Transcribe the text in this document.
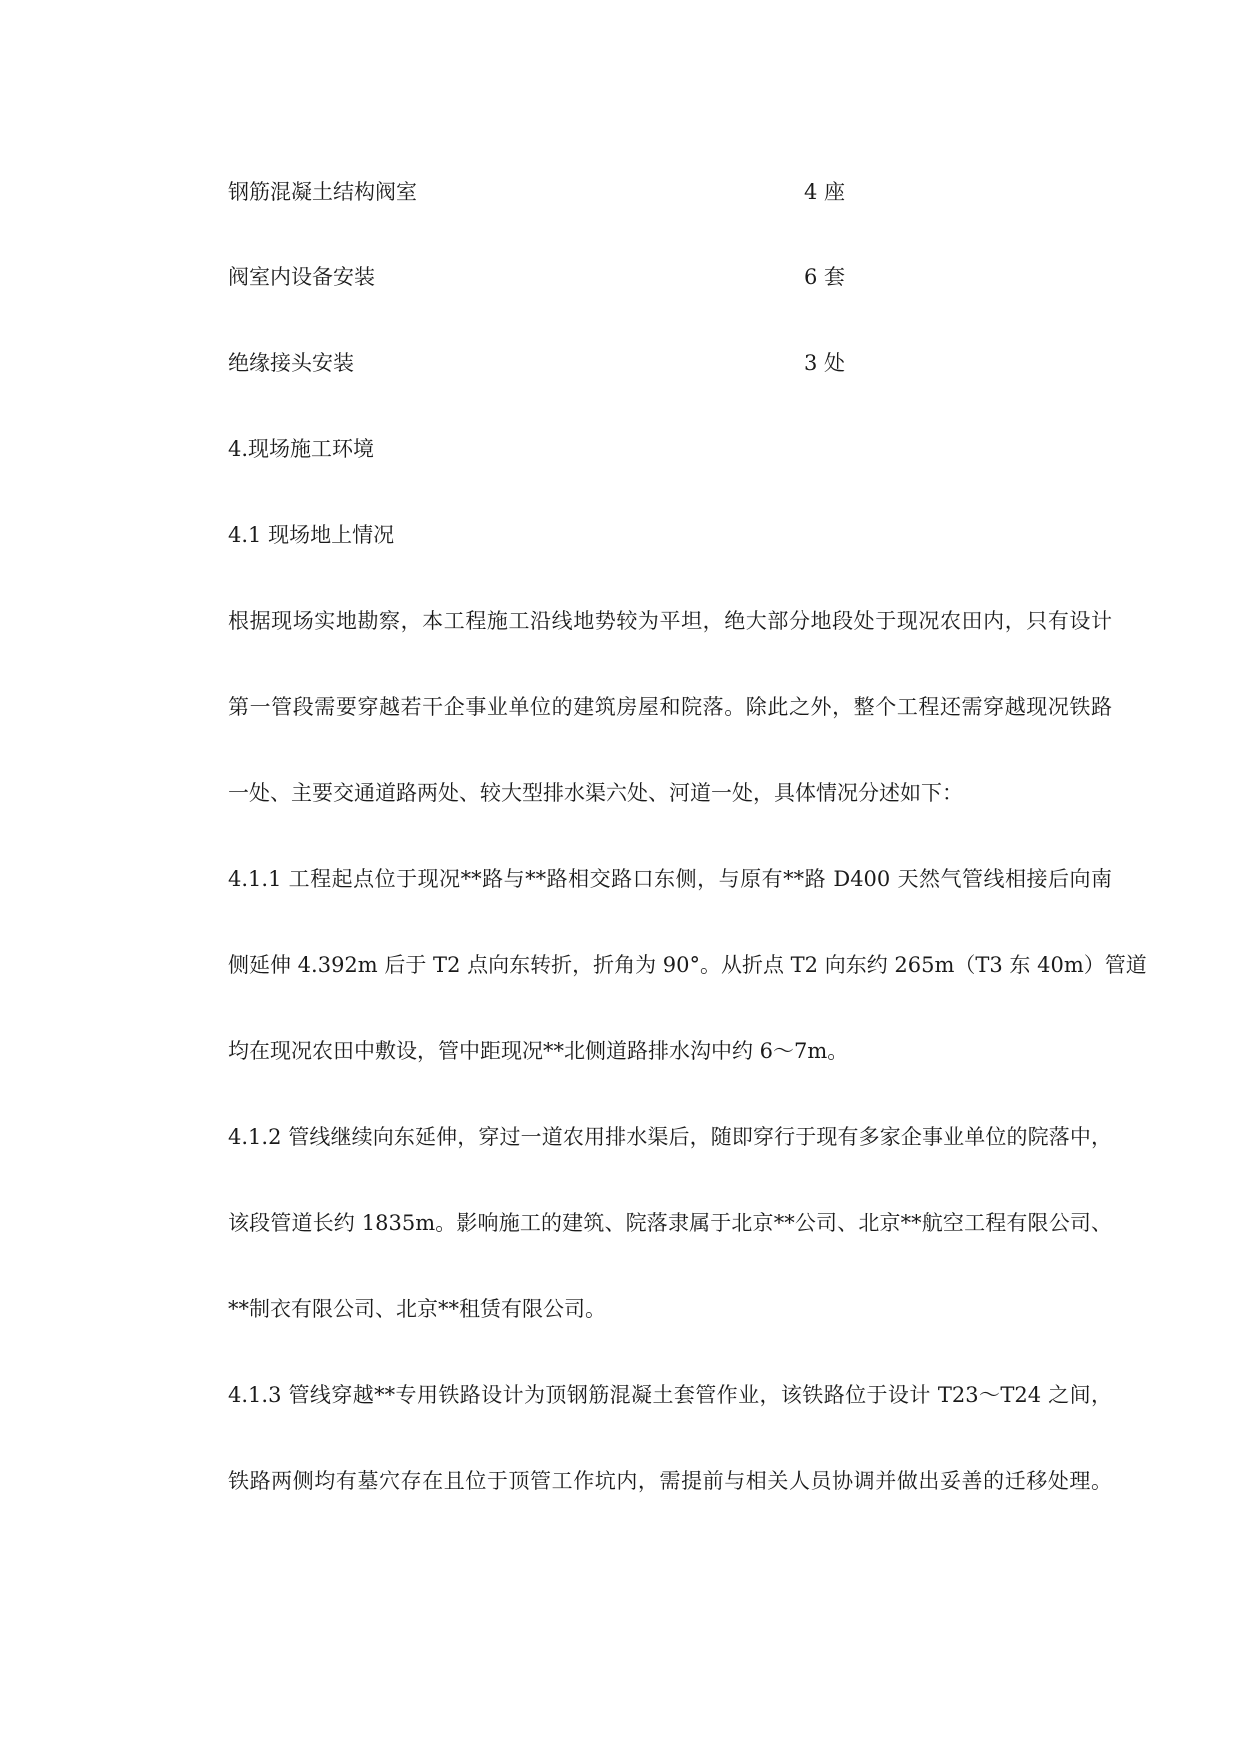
钢筋混凝土结构阀室	4 座
阀室内设备安装	6 套
绝缘接头安装	3 处
4.现场施工环境
4.1 现场地上情况
根据现场实地勘察，本工程施工沿线地势较为平坦，绝大部分地段处于现况农田内，只有设计
第一管段需要穿越若干企事业单位的建筑房屋和院落。除此之外，整个工程还需穿越现况铁路
一处、主要交通道路两处、较大型排水渠六处、河道一处，具体情况分述如下：
4.1.1 工程起点位于现况**路与**路相交路口东侧，与原有**路 D400 天然气管线相接后向南
侧延伸 4.392m 后于 T2 点向东转折，折角为 90°。从折点 T2 向东约 265m（T3 东 40m）管道
均在现况农田中敷设，管中距现况**北侧道路排水沟中约 6～7m。
4.1.2 管线继续向东延伸，穿过一道农用排水渠后，随即穿行于现有多家企事业单位的院落中，
该段管道长约 1835m。影响施工的建筑、院落隶属于北京**公司、北京**航空工程有限公司、
**制衣有限公司、北京**租赁有限公司。
4.1.3 管线穿越**专用铁路设计为顶钢筋混凝土套管作业，该铁路位于设计 T23～T24 之间，
铁路两侧均有墓穴存在且位于顶管工作坑内，需提前与相关人员协调并做出妥善的迁移处理。
